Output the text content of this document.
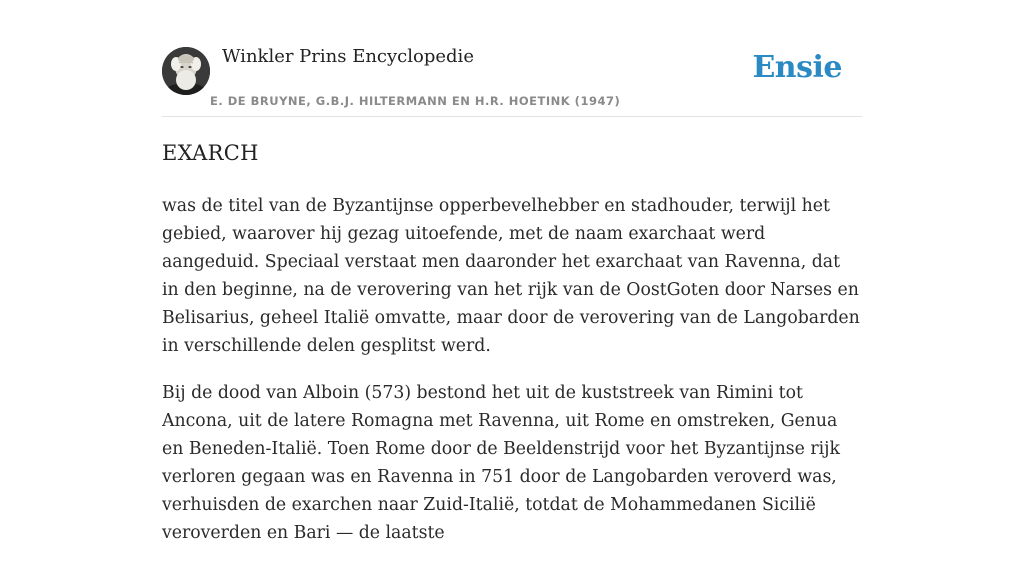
Winkler Prins Encyclopedie
E. DE BRUYNE, G.B.J. HILTERMANN EN H.R. HOETINK (1947)
Ensie
EXARCH

was de titel van de Byzantijnse opperbevelhebber en stadhouder, terwijl het gebied, waarover hij gezag uitoefende, met de naam exarchaat werd aangeduid. Speciaal verstaat men daaronder het exarchaat van Ravenna, dat in den beginne, na de verovering van het rijk van de OostGoten door Narses en Belisarius, geheel Italië omvatte, maar door de verovering van de Langobarden in verschillende delen gesplitst werd.

Bij de dood van Alboin (573) bestond het uit de kuststreek van Rimini tot Ancona, uit de latere Romagna met Ravenna, uit Rome en omstreken, Genua en Beneden-Italië. Toen Rome door de Beeldenstrijd voor het Byzantijnse rijk verloren gegaan was en Ravenna in 751 door de Langobarden veroverd was, verhuisden de exarchen naar Zuid-Italië, totdat de Mohammedanen Sicilië veroverden en Bari — de laatste
